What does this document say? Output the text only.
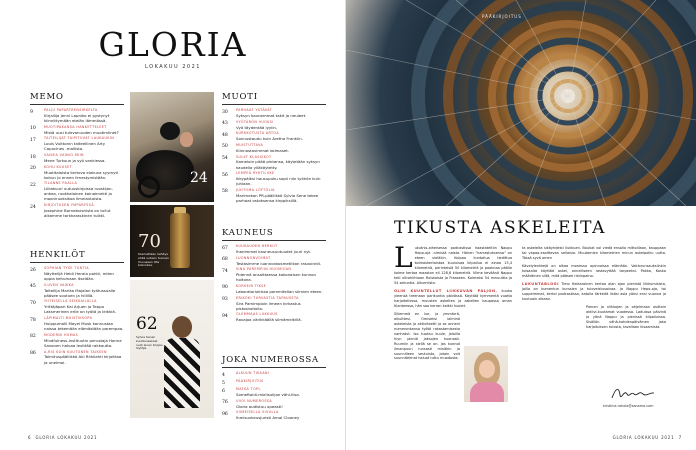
GLORIA
LOKAKUU 2021
MEMO
9	PALJU PAPARTRENSIRKELTA
Kirjailija Jenni Lapniko ei pystynyt kiinnittymään etelän lämmössä.
10	MUOTIPAKANSA HANKETTELEET
Mistä uusi tulevanuuden muotimiinet?
17	TAITEILIJAT TAIPITUVAT LAUKAUKIN
Louis Vuittonin taiteellinen Arty Capucines -mallisto.
18	VAIKEA VAINIO-MIIN
Mene Turkuun ja syö vankiessa.
20	KOHU KUUSET
Muotitaloista kertova elokuva syymyti kohun jo ennen ilmestymistään.
22	TILANNE PAALLA
Liikakuuri uutuuskirjoissa ruostijan-ankea, ruokkalainen kainaimekti ja mooniruoksikoa ilmeiautoista.
24	KIRJOITUSEN YMPÄRYSSÄ
Josephine Bornebuishista on tullut alkamme tarkkaraskinen tuikki.
HENKILÖT
26	SOPHIAN TYSE TUNTIA
Näyttelijä Heidi Herala pohtii, miten oppia kehumaan itselään.
45	ILUVEN VAIKKA
Taiteilija Marika Majalan työtussualle pääsee soutuen ja hiilillä.
70	YHTEISELLÄ SEIKKAILULLA
Yrittäjäpari Kai Arjuen ja Teppo Laksmerinen erlle on työtä ja leikkiä.
78	LÄPIMALTI MUISTIKSOPA
Huippumalli Mayel Musk kannustaa naissa tekemään elämästään parempaa.
82	MODERNI HUMAS
Mindfulness-instituutin perustaja Hanne Savonen haluaa levittää rakkautta.
86	A-RIS KUIN KUUTONEN TAIKEEN
Toimituspäällikkö Aki Riihilahti kirjoittaa ja unelmoi.
24
70
Kosmetiikan kehitys ehkä uuteen huovan Imuuseen Ota kokooksa.
62
Sylvia Senen kuulitussakset ovat aivan kirppis löytöjä.
MUOTI
30	PARHAAT YSTÄVÄT
Syksyn kaunemmat takit ja neuleet.
43	VYÖTÄRÖN VUOKSI
Vyö täydentää lyylin.
48	KURKKOTUSTA ARTOA
Sonnustaudu kuin Aretha Franklin.
50	MUISTUTTAVA
Kiinnostavimmat kolmaset.
54	SULKT KLASSIKOT
Kameloin pitää pintansa, käytetään syksyn kaudella ylläkäytetty.
56	LEMPEÄ RYHTILIIKE
Ikkypäiksi housupuku sopii niin työhön kuin juhlaan.
58	JUHTOMA LÖYTÖLIA
Marimekon PR-päällikkö Sylvia Sene tekee parhaat ostoksensa kirppiksillä.
KAUNEUS
67	KUUKAUDEN HERKUT
Ihanimmat kauneusuutuudet juuri nyt.
68	LUONNONVOIMAT
Testasimme luonnonkosmetiikan rasvoinnit.
74	SINÄ PAREMPIIN HUOMIOAN
Pidennä ansaittaessa kokonaisen kunnon hoitona.
90	KORKEIN TIKSE
Laboratoriokissa pommitellan silmien eteen.
93	ERIKOKI TURVASTIA TAPAUSETA
Sira Pamimpioin ilmeen kirkastus pistoshoitolla.
94	OLEMMAAS LIIKKUUS
Ravajoa värikkäällä silmämeikillä.
JOKA NUMEROSSA
4	ALKUUN TIKAANI
5	PÄÄKIRJOITUS
6	MATKA TOPL
Someftoidi-mielisuiljan vähi-liisa.
76	UVOI NUMEROSSA
Gloria audistuu upeasti!
96	VIIMEISELLÄ SIVULLA
Ihmisuvkeusjuristi Amal Clooney
6 GLORIA LOKAKUU 2021
PÄÄKIRJOITUS
TIKUSTA ASKELEITA
L ukutnis-aiheisessa podcastissa haastateltiin Nappu Hepo-oja -nimistä naista. Hänen "harrastuksensa" on eteen vieläkin. Kolpaa kuntoilua tiedittua kolmaskertoistaa kuuluisaa kilpailua ei ainoa 13,4 kilometriä, perinteisiä 50 kilometriä ja pooknaa päälle kolme kertaa maaston eli 128,6 kilometriä. Viime keväänä Nappu teki ultrahiihtoon Ruiskoista ja Fraaseen. Kolmeksi 54 minuuttia ja 54 sekuntia. Alkumiista.
OLIN KUUNTELLUT LIIKKUVAN PALJON, kuuka yleensä treenaan parikuntia päivässä. Käyttää kymmentä vuotta harjoitellessa, muusten askelten ja askelten kaupassa oman tilanteessa, hän saa kerran kaikki huolet.
Sillemmä en lue, ja ymmärrä, alkuittesi. Omiseksi laiminä askeleista ja aktiviteetti ja se onneni numeronkansa työtä rakastamisesta vanhatut. Iso tuoksu kuule, jaloilla hiyn pieniä jaksojen huonosti. Ruumiin ja siellä se on. Jos kunnot ilmanpuun runsasti minäkin ja suunnilleen seutuista, jotain voit suunnitelmat haluat tuttu muodosta.
ta askeleita sikäyhdesti liukkuen. Boukat voi viedä ensalla mittoillaan, kauppaan tai vapaa-esoittevan sellaisia. Muutamien kilometrien minun askelpolku uutta. Tässä syvä omen
Kävelylenkkejä on alkaa monessa opinnoissa elämään. Vakiorunsauksiinkin toisaalta käyttää askel, onnelliseen rastavyttää tarpeeksi. Pakko, Koska määräinen siltä, mitä pääsee ristinpaino.
LUKUNTABLOGI Timo Haikarainen kertoo alan ajan pienistä liikkumisista, joilla on kumentun kurssien ja tuloveistusaivaa. Ja Nappu Hepo-oja, tai suppeimmat, kertoi podcastissa, katolla tärkeitä lisäsi asia yöksi ensi vuonna ja kuutuoin aikaan.
Pienen ja nilkkojen ja ohjelmaan osittain aktiivi-kuutamat vuodessa. Laduissa päivinä ja yönä Nappu ja pienissä kilpailuissa. Sisällön vähä-kahdenpäiväinen joka harjoituksen tulosta, tavallaan kisaamista.
kristiina.rahola@sanoma.com
GLORIA LOKAKUU 2021 7
